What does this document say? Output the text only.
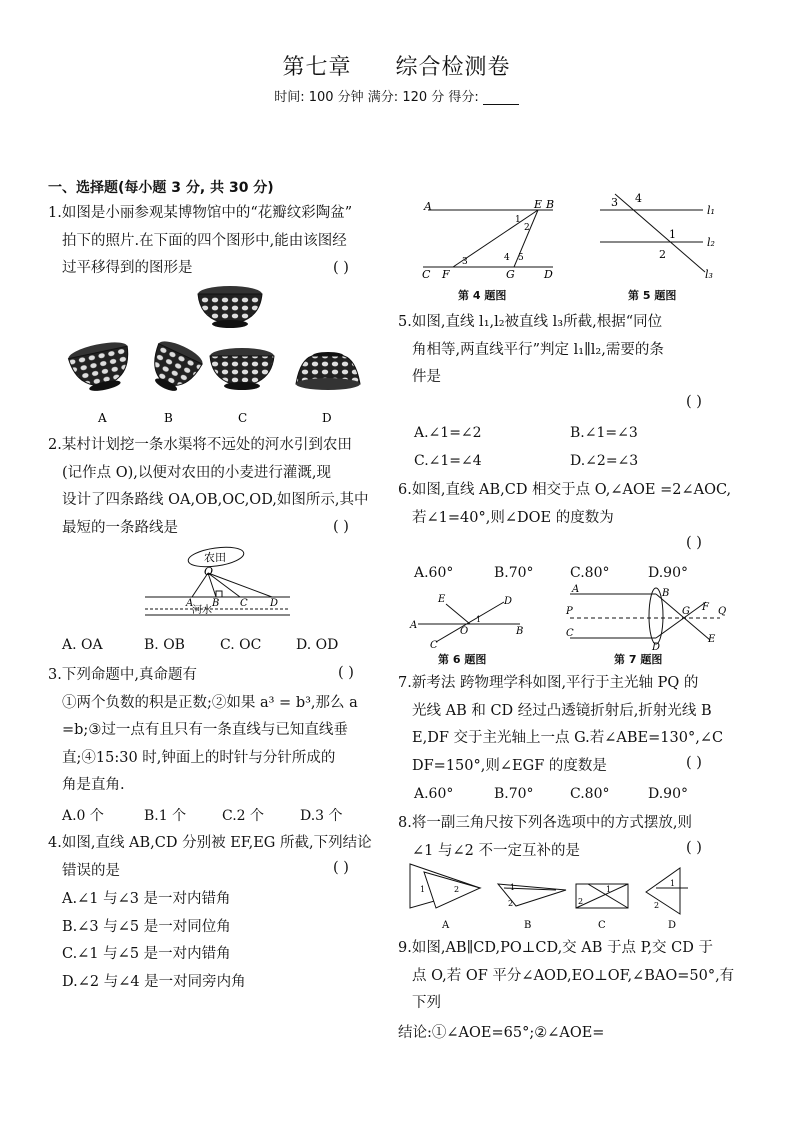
第七章 综合检测卷
时间: 100 分钟 满分: 120 分 得分:
一、选择题(每小题 3 分, 共 30 分)
1.如图是小丽参观某博物馆中的“花瓣纹彩陶盆”
拍下的照片.在下面的四个图形中,能由该图经
过平移得到的图形是	( )
A	B	C	D
2.某村计划挖一条水渠将不远处的河水引到农田
(记作点 O),以便对农田的小麦进行灌溉,现
设计了四条路线 OA,OB,OC,OD,如图所示,其中
最短的一条路线是	( )
农田
O
A B C D
河水
A. OA	B. OB	C. OC D. OD
3.下列命题中,真命题有
①两个负数的积是正数;②如果 a³ = b³,那么 a
=b;③过一点有且只有一条直线与已知直线垂
直;④15:30 时,钟面上的时针与分针所成的
角是直角.
( )
A.0 个	B.1 个	C.2 个	D.3 个
4.如图,直线 AB,CD 分别被 EF,EG 所截,下列结论
错误的是	( )
A.∠1 与∠3 是一对内错角
B.∠3 与∠5 是一对同位角
C.∠1 与∠5 是一对内错角
D.∠2 与∠4 是一对同旁内角
A	E B
1
2
3	4 5
C F	G	D
第 4 题图
3 4
l₁
1
2
l₂
l₃
第 5 题图
5.如图,直线 l₁,l₂被直线 l₃所截,根据“同位
角相等,两直线平行”判定 l₁∥l₂,需要的条
件是
( )
A.∠1=∠2	B.∠1=∠3
C.∠1=∠4	D.∠2=∠3
6.如图,直线 AB,CD 相交于点 O,∠AOE =2∠AOC,
若∠1=40°,则∠DOE 的度数为
( )
A.60°	B.70°	C.80°	D.90°
E	D
A
O
1
B
C
第 6 题图
A	B
P	G F Q
C
D
E
第 7 题图
7.新考法 跨物理学科如图,平行于主光轴 PQ 的
光线 AB 和 CD 经过凸透镜折射后,折射光线 B
E,DF 交于主光轴上一点 G.若∠ABE=130°,∠C
DF=150°,则∠EGF 的度数是	( )
A.60°	B.70°	C.80°	D.90°
8.将一副三角尺按下列各选项中的方式摆放,则
∠1 与∠2 不一定互补的是	( )
1	2	1
2
1
2
1
2
A	B	C	D
9.如图,AB∥CD,PO⊥CD,交 AB 于点 P,交 CD 于
点 O,若 OF 平分∠AOD,EO⊥OF,∠BAO=50°,有
下列
结论:①∠AOE=65°;②∠AOE=
